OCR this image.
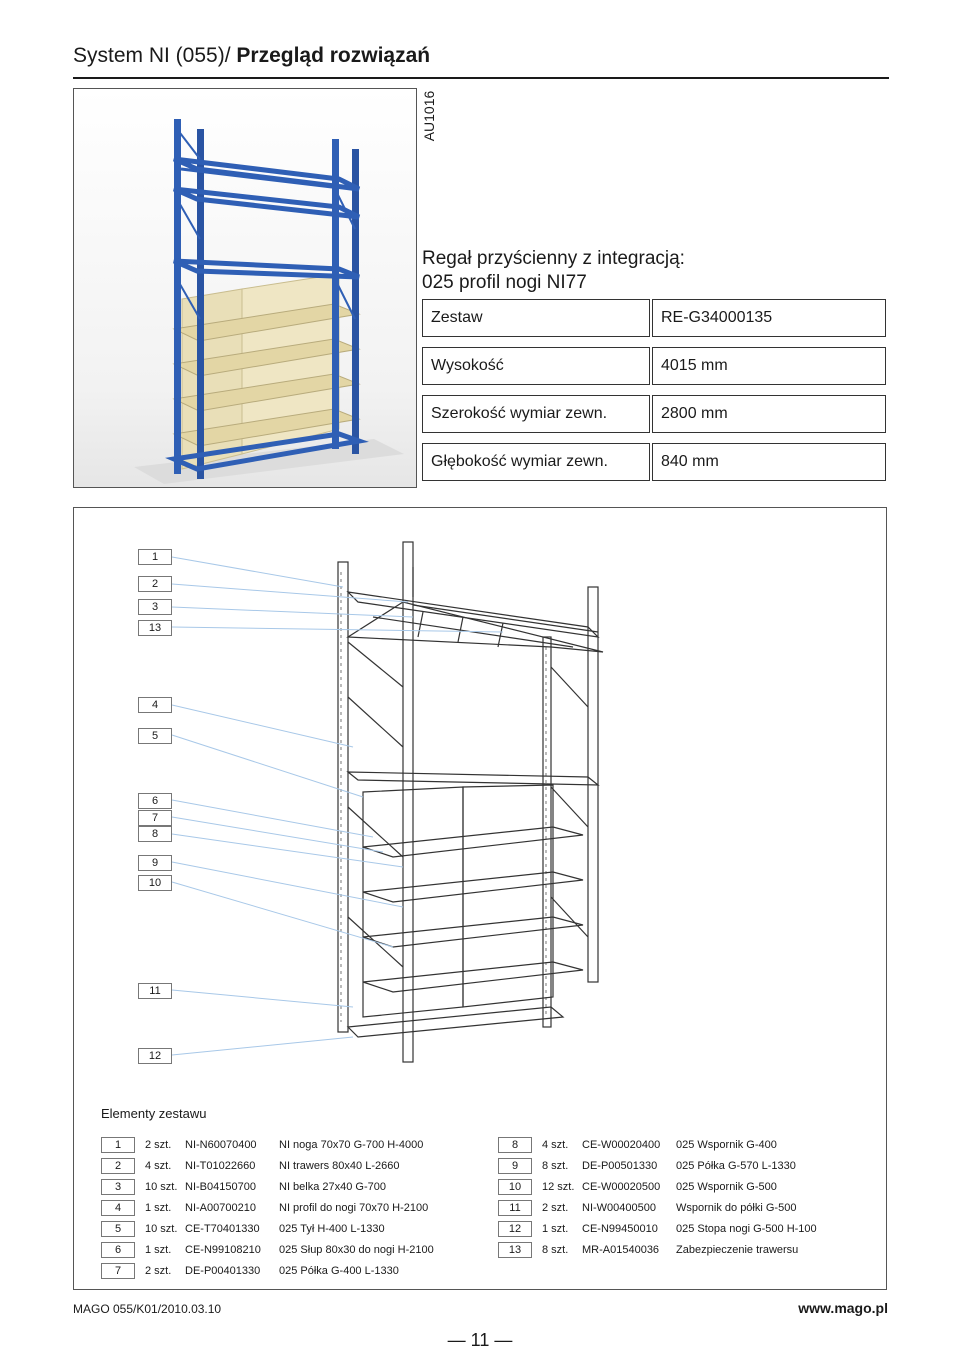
System NI (055)/ Przegląd rozwiązań
AU1016
Regał przyścienny z integracją:
025 profil nogi NI77
Zestaw	RE-G34000135
Wysokość	4015 mm
Szerokość wymiar zewn.	2800 mm
Głębokość wymiar zewn.	840 mm
1
2
3
13
4
5
6
7
8
9
10
11
12
Elementy zestawu
1	2 szt. NI-N60070400 NI noga 70x70 G-700 H-4000
2	4 szt. NI-T01022660 NI trawers 80x40 L-2660
3	10 szt. NI-B04150700 NI belka 27x40 G-700
4	1 szt. NI-A00700210 NI profil do nogi 70x70 H-2100
5	10 szt. CE-T70401330 025 Tył H-400 L-1330
6	1 szt. CE-N99108210 025 Słup 80x30 do nogi H-2100
7	2 szt. DE-P00401330 025 Półka G-400 L-1330
8	4 szt. CE-W00020400 025 Wspornik G-400
9	8 szt. DE-P00501330 025 Półka G-570 L-1330
10	12 szt. CE-W00020500 025 Wspornik G-500
11	2 szt. NI-W00400500 Wspornik do półki G-500
12	1 szt. CE-N99450010 025 Stopa nogi G-500 H-100
13	8 szt. MR-A01540036 Zabezpieczenie trawersu
MAGO 055/K01/2010.03.10	www.mago.pl
— 11 —
